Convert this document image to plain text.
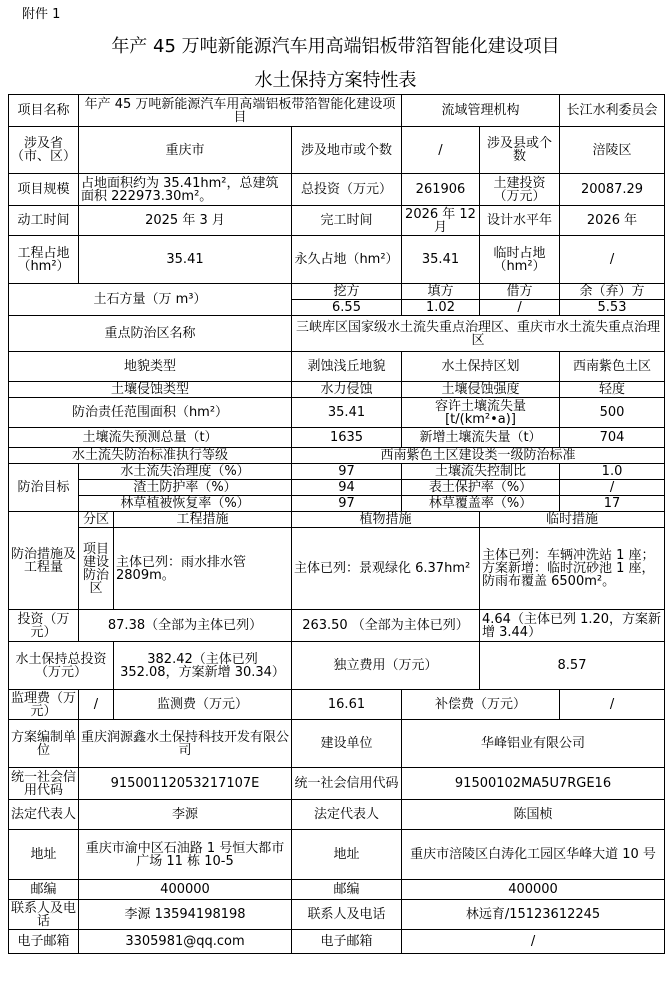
附件 1
年产 45 万吨新能源汽车用高端铝板带箔智能化建设项目
水土保持方案特性表
项目名称	年产 45 万吨新能源汽车用高端铝板带箔智能化建设项目			流域管理机构		长江水利委员会
涉及省（市、区）	重庆市		涉及地市或个数	/	涉及县或个数	涪陵区
项目规模	占地面积约为 35.41hm²，总建筑面积 222973.30m²。		总投资（万元）	261906	土建投资（万元）	20087.29
动工时间	2025 年 3 月		完工时间	2026 年 12 月	设计水平年	2026 年
工程占地（hm²）	35.41		永久占地（hm²）	35.41	临时占地（hm²）	/
土石方量（万 m³）			挖方	填方	借方	余（弃）方
			6.55	1.02	/	5.53
重点防治区名称			三峡库区国家级水土流失重点治理区、重庆市水土流失重点治理区			
地貌类型			剥蚀浅丘地貌	水土保持区划		西南紫色土区
土壤侵蚀类型			水力侵蚀	土壤侵蚀强度		轻度
防治责任范围面积（hm²）			35.41	容许土壤流失量[t/(km²•a)]		500
土壤流失预测总量（t）			1635	新增土壤流失量（t）		704
水土流失防治标准执行等级			西南紫色土区建设类一级防治标准			
防治目标	水土流失治理度（%）		97	土壤流失控制比		1.0
	渣土防护率（%）		94	表土保护率（%）		/
	林草植被恢复率（%）		97	林草覆盖率（%）		17
防治措施及工程量	分区	工程措施	植物措施		临时措施	
	项目建设防治区	主体已列：雨水排水管 2809m。	主体已列：景观绿化 6.37hm²		主体已列：车辆冲洗站 1 座；方案新增：临时沉砂池 1 座，防雨布覆盖 6500m²。	
投资（万元）	87.38（全部为主体已列）		263.50 （全部为主体已列）		4.64（主体已列 1.20，方案新增 3.44）	
水土保持总投资（万元）		382.42（主体已列 352.08，方案新增 30.34）	独立费用（万元）		8.57	
监理费（万元）	/	监测费（万元）	16.61	补偿费（万元）		/
方案编制单位	重庆润源鑫水土保持科技开发有限公司		建设单位	华峰铝业有限公司		
统一社会信用代码	91500112053217107E		统一社会信用代码	91500102MA5U7RGE16		
法定代表人	李源		法定代表人	陈国桢		
地址	重庆市渝中区石油路 1 号恒大都市广场 11 栋 10-5		地址	重庆市涪陵区白涛化工园区华峰大道 10 号		
邮编	400000		邮编	400000		
联系人及电话	李源 13594198198		联系人及电话	林远育/15123612245		
电子邮箱	3305981@qq.com		电子邮箱	/		
